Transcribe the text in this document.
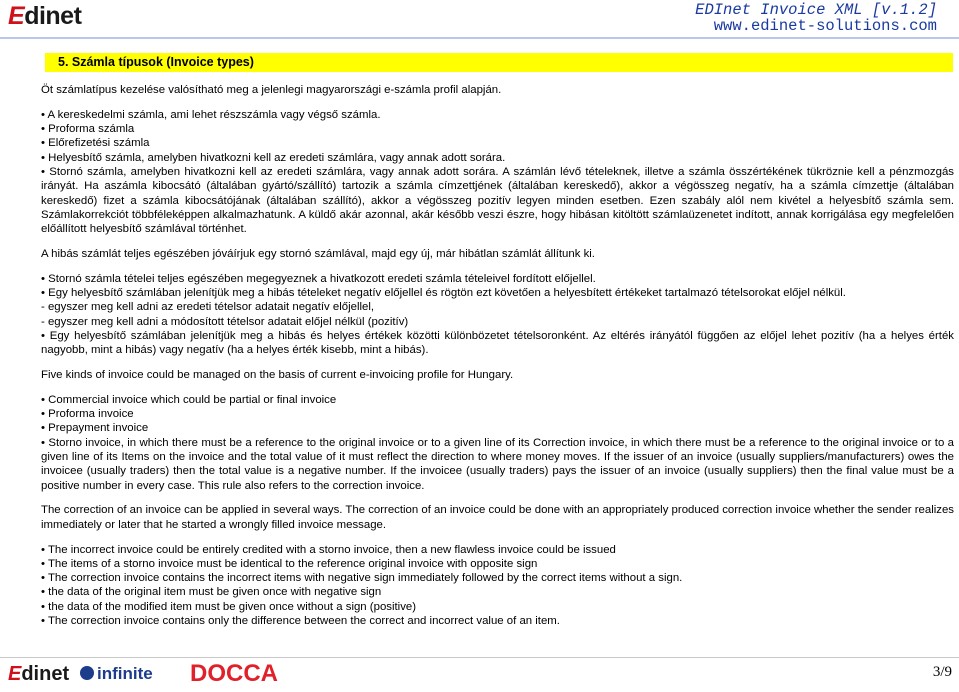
Edinet	EDInet Invoice XML [v.1.2]
www.edinet-solutions.com
5. Számla típusok (Invoice types)

Öt számlatípus kezelése valósítható meg a jelenlegi magyarországi e-számla profil alapján.

• A kereskedelmi számla, ami lehet részszámla vagy végső számla.

• Proforma számla

• Előrefizetési számla

• Helyesbítő számla, amelyben hivatkozni kell az eredeti számlára, vagy annak adott sorára.

• Stornó számla, amelyben hivatkozni kell az eredeti számlára, vagy annak adott sorára. A számlán lévő tételeknek, illetve a számla összértékének tükröznie kell a pénzmozgás irányát. Ha aszámla kibocsátó (általában gyártó/szállító) tartozik a számla címzettjének (általában kereskedő), akkor a végösszeg negatív, ha a számla címzettje (általában kereskedő) fizet a számla kibocsátójának (általában szállító), akkor a végösszeg pozitív legyen minden esetben. Ezen szabály alól nem kivétel a helyesbítő számla sem. Számlakorrekciót többféleképpen alkalmazhatunk. A küldő akár azonnal, akár később veszi észre, hogy hibásan kitöltött számlaüzenetet indított, annak korrigálása egy megfelelően előállított helyesbítő számlával történhet.

A hibás számlát teljes egészében jóváírjuk egy stornó számlával, majd egy új, már hibátlan számlát állítunk ki.

• Stornó számla tételei teljes egészében megegyeznek a hivatkozott eredeti számla tételeivel fordított előjellel.

• Egy helyesbítő számlában jelenítjük meg a hibás tételeket negatív előjellel és rögtön ezt követően a helyesbített értékeket tartalmazó tételsorokat előjel nélkül.

- egyszer meg kell adni az eredeti tételsor adatait negatív előjellel,

- egyszer meg kell adni a módosított tételsor adatait előjel nélkül (pozitív)

• Egy helyesbítő számlában jelenítjük meg a hibás és helyes értékek közötti különbözetet tételsoronként. Az eltérés irányától függően az előjel lehet pozitív (ha a helyes érték nagyobb, mint a hibás) vagy negatív (ha a helyes érték kisebb, mint a hibás).

Five kinds of invoice could be managed on the basis of current e-invoicing profile for Hungary.

• Commercial invoice which could be partial or final invoice

• Proforma invoice

• Prepayment invoice

• Storno invoice, in which there must be a reference to the original invoice or to a given line of its Correction invoice, in which there must be a reference to the original invoice or to a given line of its Items on the invoice and the total value of it must reflect the direction to where money moves. If the issuer of an invoice (usually suppliers/manufacturers) owes the invoicee (usually traders) then the total value is a negative number. If the invoicee (usually traders) pays the issuer of an invoice (usually suppliers) then the final value must be a positive number in every case. This rule also refers to the correction invoice.

The correction of an invoice can be applied in several ways. The correction of an invoice could be done with an appropriately produced correction invoice whether the sender realizes immediately or later that he started a wrongly filled invoice message.

• The incorrect invoice could be entirely credited with a storno invoice, then a new flawless invoice could be issued

• The items of a storno invoice must be identical to the reference original invoice with opposite sign

• The correction invoice contains the incorrect items with negative sign immediately followed by the correct items without a sign.

• the data of the original item must be given once with negative sign

• the data of the modified item must be given once without a sign (positive)

• The correction invoice contains only the difference between the correct and incorrect value of an item.

Edinet	infinite DOCCA	3/9
